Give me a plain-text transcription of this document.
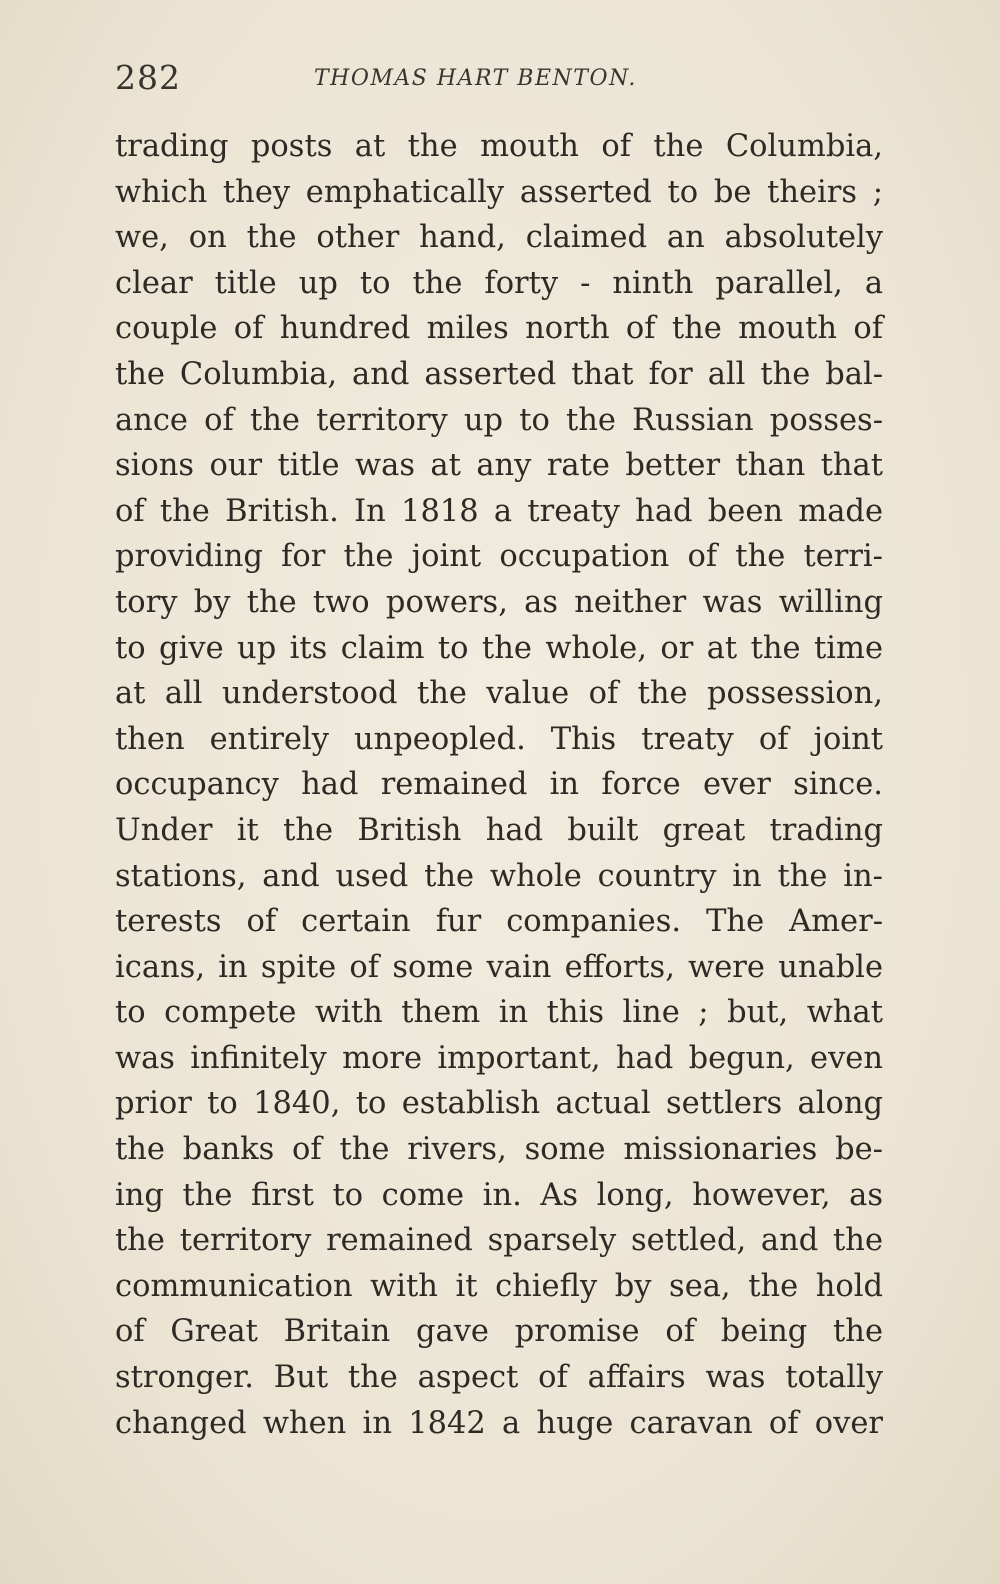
282	THOMAS HART BENTON.
trading posts at the mouth of the Columbia,
which they emphatically asserted to be theirs ;
we, on the other hand, claimed an absolutely
clear title up to the forty - ninth parallel, a
couple of hundred miles north of the mouth of
the Columbia, and asserted that for all the bal-
ance of the territory up to the Russian posses-
sions our title was at any rate better than that
of the British. In 1818 a treaty had been made
providing for the joint occupation of the terri-
tory by the two powers, as neither was willing
to give up its claim to the whole, or at the time
at all understood the value of the possession,
then entirely unpeopled. This treaty of joint
occupancy had remained in force ever since.
Under it the British had built great trading
stations, and used the whole country in the in-
terests of certain fur companies. The Amer-
icans, in spite of some vain efforts, were unable
to compete with them in this line ; but, what
was infinitely more important, had begun, even
prior to 1840, to establish actual settlers along
the banks of the rivers, some missionaries be-
ing the first to come in. As long, however, as
the territory remained sparsely settled, and the
communication with it chiefly by sea, the hold
of Great Britain gave promise of being the
stronger. But the aspect of affairs was totally
changed when in 1842 a huge caravan of over
